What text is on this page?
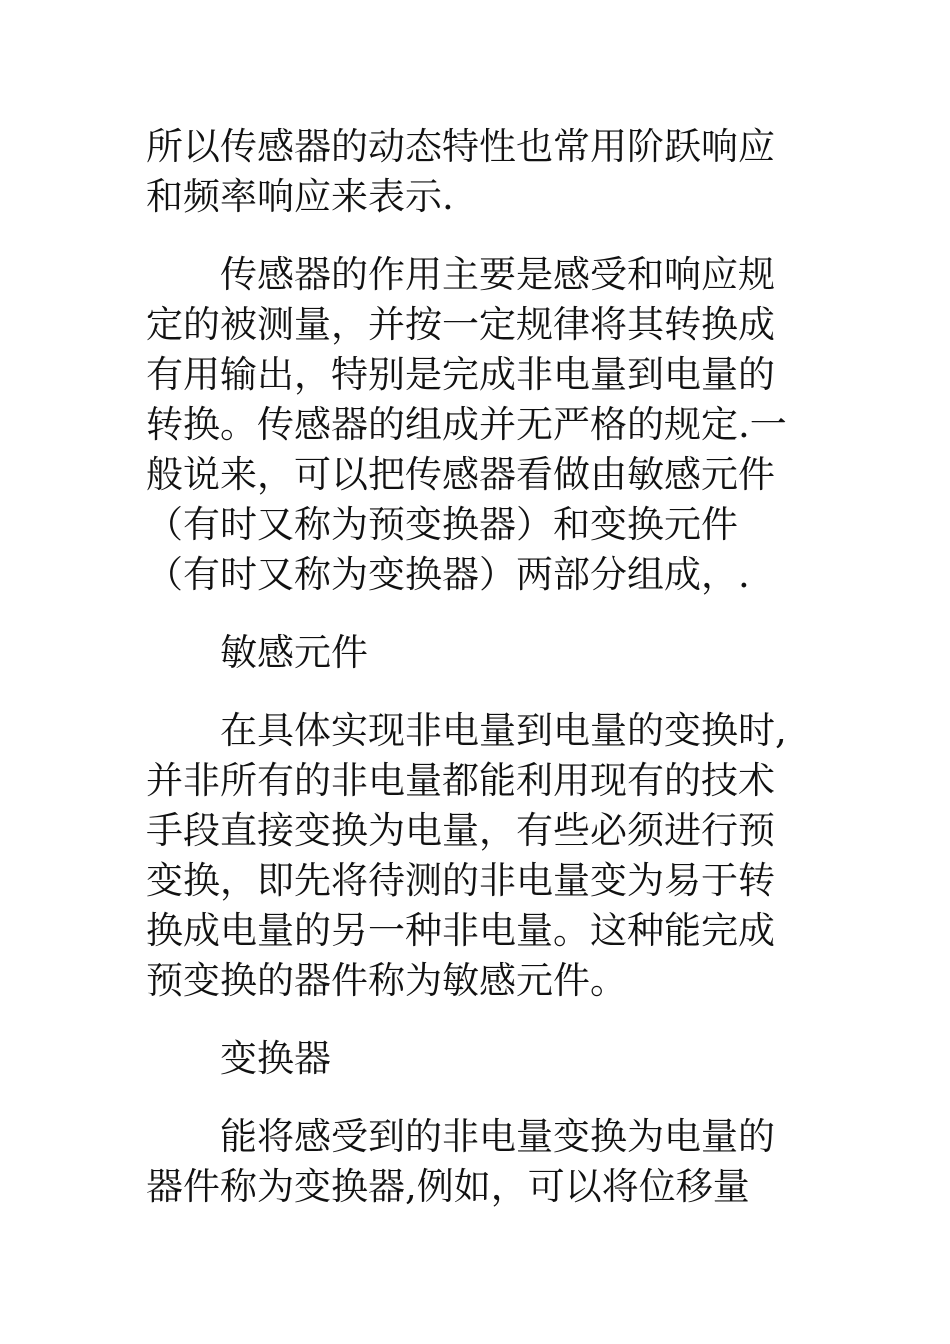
所以传感器的动态特性也常用阶跃响应和频率响应来表示.

　　传感器的作用主要是感受和响应规定的被测量，并按一定规律将其转换成有用输出，特别是完成非电量到电量的转换。传感器的组成并无严格的规定.一般说来，可以把传感器看做由敏感元件（有时又称为预变换器）和变换元件（有时又称为变换器）两部分组成，.

　　敏感元件

　　在具体实现非电量到电量的变换时,并非所有的非电量都能利用现有的技术手段直接变换为电量，有些必须进行预变换，即先将待测的非电量变为易于转换成电量的另一种非电量。这种能完成预变换的器件称为敏感元件。

　　变换器

　　能将感受到的非电量变换为电量的器件称为变换器,例如，可以将位移量
